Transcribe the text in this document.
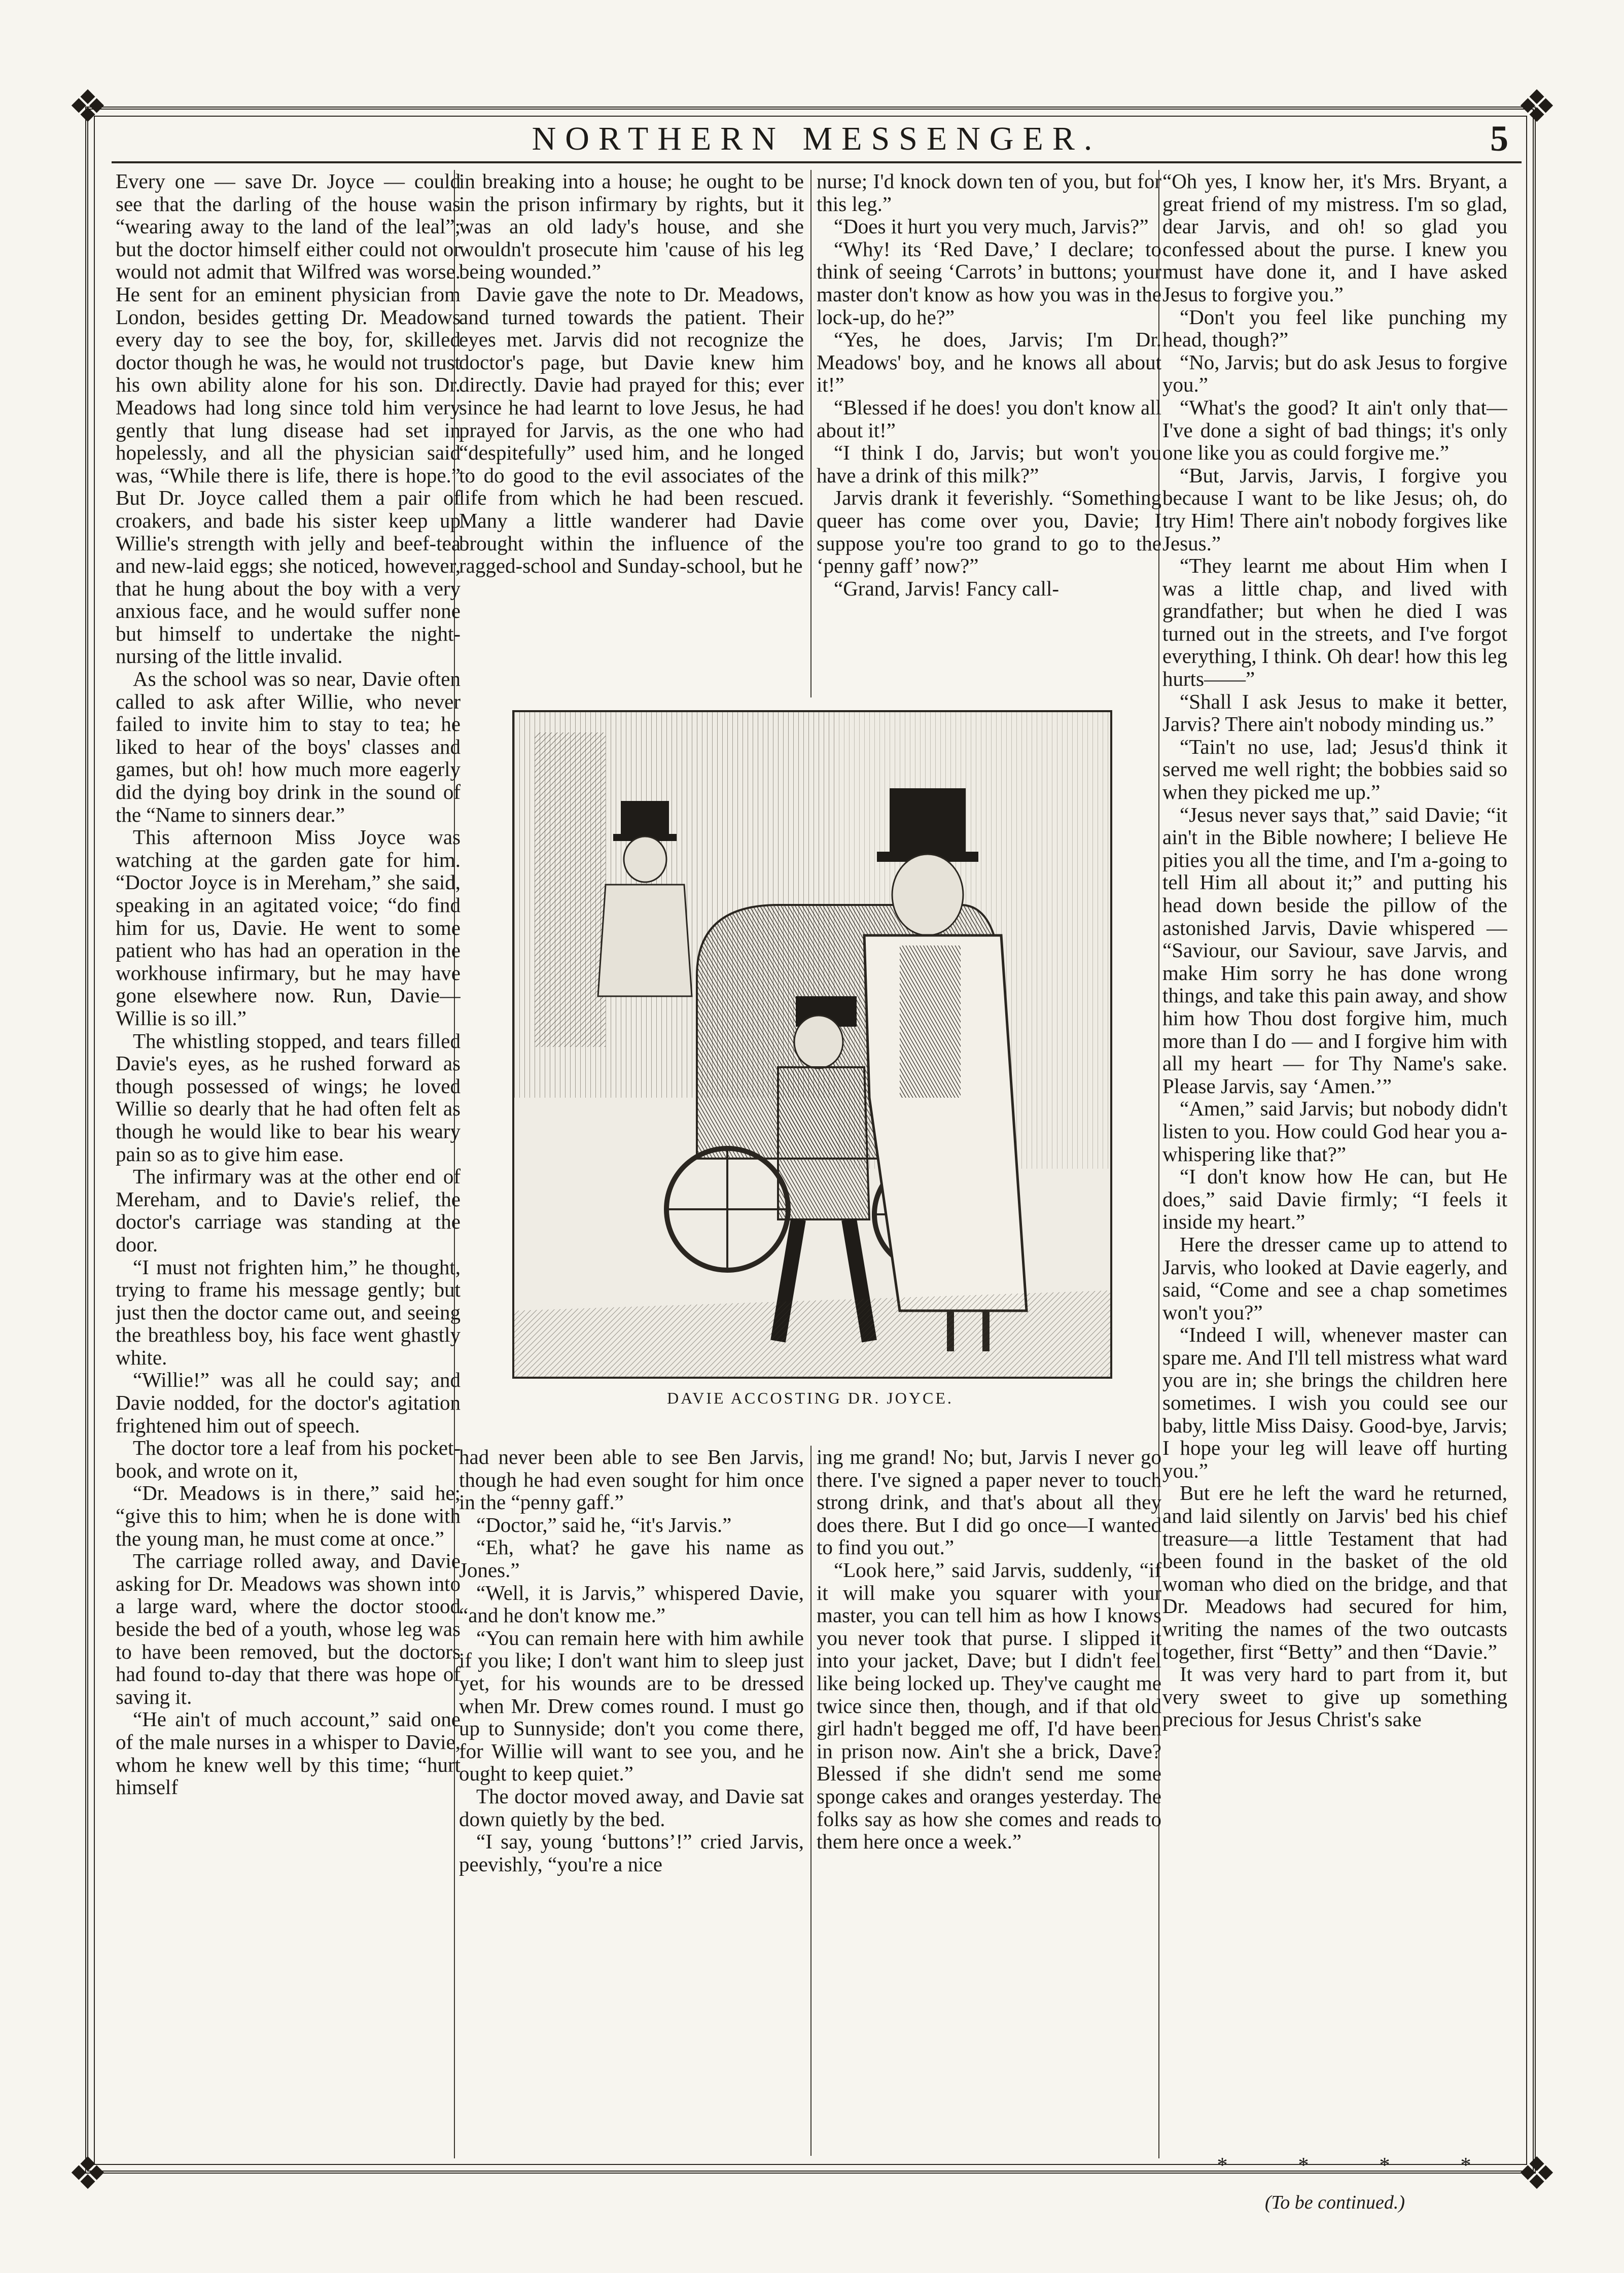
❖	❖
❖	❖
NORTHERN MESSENGER.	5

Every one — save Dr. Joyce — could see that the darling of the house was “wearing away to the land of the leal”; but the doctor himself either could not or would not admit that Wilfred was worse. He sent for an eminent physician from London, besides getting Dr. Meadows every day to see the boy, for, skilled doctor though he was, he would not trust his own ability alone for his son. Dr. Meadows had long since told him very gently that lung disease had set in hopelessly, and all the physician said was, “While there is life, there is hope.” But Dr. Joyce called them a pair of croakers, and bade his sister keep up Willie's strength with jelly and beef-tea and new-laid eggs; she noticed, however, that he hung about the boy with a very anxious face, and he would suffer none but himself to undertake the night-nursing of the little invalid.

As the school was so near, Davie often called to ask after Willie, who never failed to invite him to stay to tea; he liked to hear of the boys' classes and games, but oh! how much more eagerly did the dying boy drink in the sound of the “Name to sinners dear.”

This afternoon Miss Joyce was watching at the garden gate for him. “Doctor Joyce is in Mereham,” she said, speaking in an agitated voice; “do find him for us, Davie. He went to some patient who has had an operation in the workhouse infirmary, but he may have gone elsewhere now. Run, Davie—Willie is so ill.”

The whistling stopped, and tears filled Davie's eyes, as he rushed forward as though possessed of wings; he loved Willie so dearly that he had often felt as though he would like to bear his weary pain so as to give him ease.

The infirmary was at the other end of Mereham, and to Davie's relief, the doctor's carriage was standing at the door.

“I must not frighten him,” he thought, trying to frame his message gently; but just then the doctor came out, and seeing the breathless boy, his face went ghastly white.

“Willie!” was all he could say; and Davie nodded, for the doctor's agitation frightened him out of speech.

The doctor tore a leaf from his pocket-book, and wrote on it,

“Dr. Meadows is in there,” said he; “give this to him; when he is done with the young man, he must come at once.”

The carriage rolled away, and Davie asking for Dr. Meadows was shown into a large ward, where the doctor stood beside the bed of a youth, whose leg was to have been removed, but the doctors had found to-day that there was hope of saving it.

“He ain't of much account,” said one of the male nurses in a whisper to Davie, whom he knew well by this time; “hurt himself

in breaking into a house; he ought to be in the prison infirmary by rights, but it was an old lady's house, and she wouldn't prosecute him 'cause of his leg being wounded.”

Davie gave the note to Dr. Meadows, and turned towards the patient. Their eyes met. Jarvis did not recognize the doctor's page, but Davie knew him directly. Davie had prayed for this; ever since he had learnt to love Jesus, he had prayed for Jarvis, as the one who had “despitefully” used him, and he longed to do good to the evil associates of the life from which he had been rescued. Many a little wanderer had Davie brought within the influence of the ragged-school and Sunday-school, but he

nurse; I'd knock down ten of you, but for this leg.”

“Does it hurt you very much, Jarvis?”

“Why! its ‘Red Dave,’ I declare; to think of seeing ‘Carrots’ in buttons; your master don't know as how you was in the lock-up, do he?”

“Yes, he does, Jarvis; I'm Dr. Meadows' boy, and he knows all about it!”

“Blessed if he does! you don't know all about it!”

“I think I do, Jarvis; but won't you have a drink of this milk?”

Jarvis drank it feverishly. “Something queer has come over you, Davie; I suppose you're too grand to go to the ‘penny gaff’ now?”

“Grand, Jarvis! Fancy call-

DAVIE ACCOSTING DR. JOYCE.

had never been able to see Ben Jarvis, though he had even sought for him once in the “penny gaff.”

“Doctor,” said he, “it's Jarvis.”

“Eh, what? he gave his name as Jones.”

“Well, it is Jarvis,” whispered Davie, “and he don't know me.”

“You can remain here with him awhile if you like; I don't want him to sleep just yet, for his wounds are to be dressed when Mr. Drew comes round. I must go up to Sunnyside; don't you come there, for Willie will want to see you, and he ought to keep quiet.”

The doctor moved away, and Davie sat down quietly by the bed.

“I say, young ‘buttons’!” cried Jarvis, peevishly, “you're a nice

ing me grand! No; but, Jarvis I never go there. I've signed a paper never to touch strong drink, and that's about all they does there. But I did go once—I wanted to find you out.”

“Look here,” said Jarvis, suddenly, “if it will make you squarer with your master, you can tell him as how I knows you never took that purse. I slipped it into your jacket, Dave; but I didn't feel like being locked up. They've caught me twice since then, though, and if that old girl hadn't begged me off, I'd have been in prison now. Ain't she a brick, Dave? Blessed if she didn't send me some sponge cakes and oranges yesterday. The folks say as how she comes and reads to them here once a week.”

“Oh yes, I know her, it's Mrs. Bryant, a great friend of my mistress. I'm so glad, dear Jarvis, and oh! so glad you confessed about the purse. I knew you must have done it, and I have asked Jesus to forgive you.”

“Don't you feel like punching my head, though?”

“No, Jarvis; but do ask Jesus to forgive you.”

“What's the good? It ain't only that—I've done a sight of bad things; it's only one like you as could forgive me.”

“But, Jarvis, Jarvis, I forgive you because I want to be like Jesus; oh, do try Him! There ain't nobody forgives like Jesus.”

“They learnt me about Him when I was a little chap, and lived with grandfather; but when he died I was turned out in the streets, and I've forgot everything, I think. Oh dear! how this leg hurts——”

“Shall I ask Jesus to make it better, Jarvis? There ain't nobody minding us.”

“Tain't no use, lad; Jesus'd think it served me well right; the bobbies said so when they picked me up.”

“Jesus never says that,” said Davie; “it ain't in the Bible nowhere; I believe He pities you all the time, and I'm a-going to tell Him all about it;” and putting his head down beside the pillow of the astonished Jarvis, Davie whispered — “Saviour, our Saviour, save Jarvis, and make Him sorry he has done wrong things, and take this pain away, and show him how Thou dost forgive him, much more than I do — and I forgive him with all my heart — for Thy Name's sake. Please Jarvis, say ‘Amen.’”

“Amen,” said Jarvis; but nobody didn't listen to you. How could God hear you a-whispering like that?”

“I don't know how He can, but He does,” said Davie firmly; “I feels it inside my heart.”

Here the dresser came up to attend to Jarvis, who looked at Davie eagerly, and said, “Come and see a chap sometimes won't you?”

“Indeed I will, whenever master can spare me. And I'll tell mistress what ward you are in; she brings the children here sometimes. I wish you could see our baby, little Miss Daisy. Good-bye, Jarvis; I hope your leg will leave off hurting you.”

But ere he left the ward he returned, and laid silently on Jarvis' bed his chief treasure—a little Testament that had been found in the basket of the old woman who died on the bridge, and that Dr. Meadows had secured for him, writing the names of the two outcasts together, first “Betty” and then “Davie.”

It was very hard to part from it, but very sweet to give up something precious for Jesus Christ's sake

*	*	*	*
(To be continued.)
